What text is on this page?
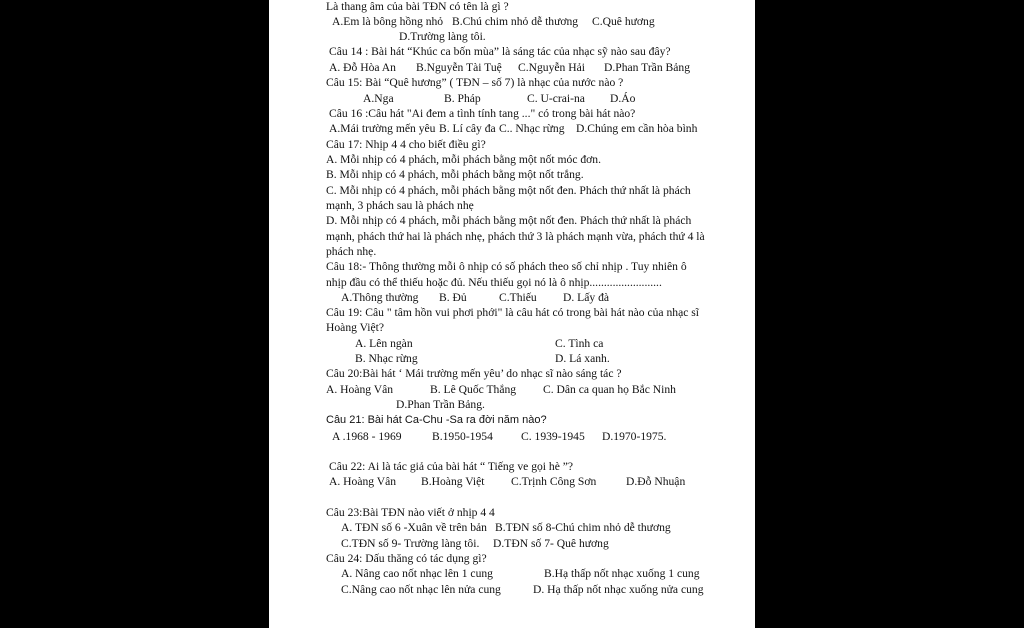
Là thang âm của bài TĐN có tên là gì ?
A.Em là bông hồng nhỏ B.Chú chim nhỏ dễ thương C.Quê hương
D.Trường làng tôi.
Câu 14 : Bài hát “Khúc ca bốn mùa” là sáng tác của nhạc sỹ nào sau đây?
A. Đỗ Hòa An B.Nguyễn Tài Tuệ C.Nguyễn Hải D.Phan Trần Bảng
Câu 15: Bài “Quê hương” ( TĐN – số 7) là nhạc của nước nào ?
A.Nga	B. Pháp	C. U-crai-na D.Áo
Câu 16 :Câu hát "Ai đem a tình tính tang ..." có trong bài hát nào?
A.Mái trường mến yêu B. Lí cây đa C.. Nhạc rừng D.Chúng em cần hòa bình
Câu 17: Nhịp 4 4 cho biết điều gì?
A. Mỗi nhịp có 4 phách, mỗi phách bằng một nốt móc đơn.
B. Mỗi nhịp có 4 phách, mỗi phách bằng một nốt trắng.
C. Mỗi nhịp có 4 phách, mỗi phách bằng một nốt đen. Phách thứ nhất là phách
mạnh, 3 phách sau là phách nhẹ
D. Mỗi nhịp có 4 phách, mỗi phách bằng một nốt đen. Phách thứ nhất là phách
mạnh, phách thứ hai là phách nhẹ, phách thứ 3 là phách mạnh vừa, phách thứ 4 là
phách nhẹ.
Câu 18:- Thông thường mỗi ô nhịp có số phách theo số chỉ nhịp . Tuy nhiên ô
nhịp đầu có thể thiếu hoặc đủ. Nếu thiếu gọi nó là ô nhịp.........................
A.Thông thường B. Đủ	C.Thiếu D. Lấy đà
Câu 19: Câu " tâm hồn vui phơi phới" là câu hát có trong bài hát nào của nhạc sĩ
Hoàng Việt?
A. Lên ngàn	C. Tình ca
B. Nhạc rừng	D. Lá xanh.
Câu 20:Bài hát ‘ Mái trường mến yêu’ do nhạc sĩ nào sáng tác ?
A. Hoàng Vân	B. Lê Quốc Thắng C. Dân ca quan họ Bắc Ninh
D.Phan Trần Bảng.
Câu 21: Bài hát Ca-Chu -Sa ra đời năm nào?
A .1968 - 1969	B.1950-1954 C. 1939-1945 D.1970-1975.
Câu 22: Ai là tác giả của bài hát “ Tiếng ve gọi hè ”?
A. Hoàng Vân B.Hoàng Việt C.Trịnh Công Sơn	D.Đỗ Nhuận
Câu 23:Bài TĐN nào viết ở nhịp 4 4
A. TĐN số 6 -Xuân về trên bản B.TĐN số 8-Chú chim nhỏ dễ thương
C.TĐN số 9- Trường làng tôi. D.TĐN số 7- Quê hương
Câu 24: Dấu thăng có tác dụng gì?
A. Nâng cao nốt nhạc lên 1 cung	B.Hạ thấp nốt nhạc xuống 1 cung
C.Nâng cao nốt nhạc lên nửa cung	D. Hạ thấp nốt nhạc xuống nửa cung
